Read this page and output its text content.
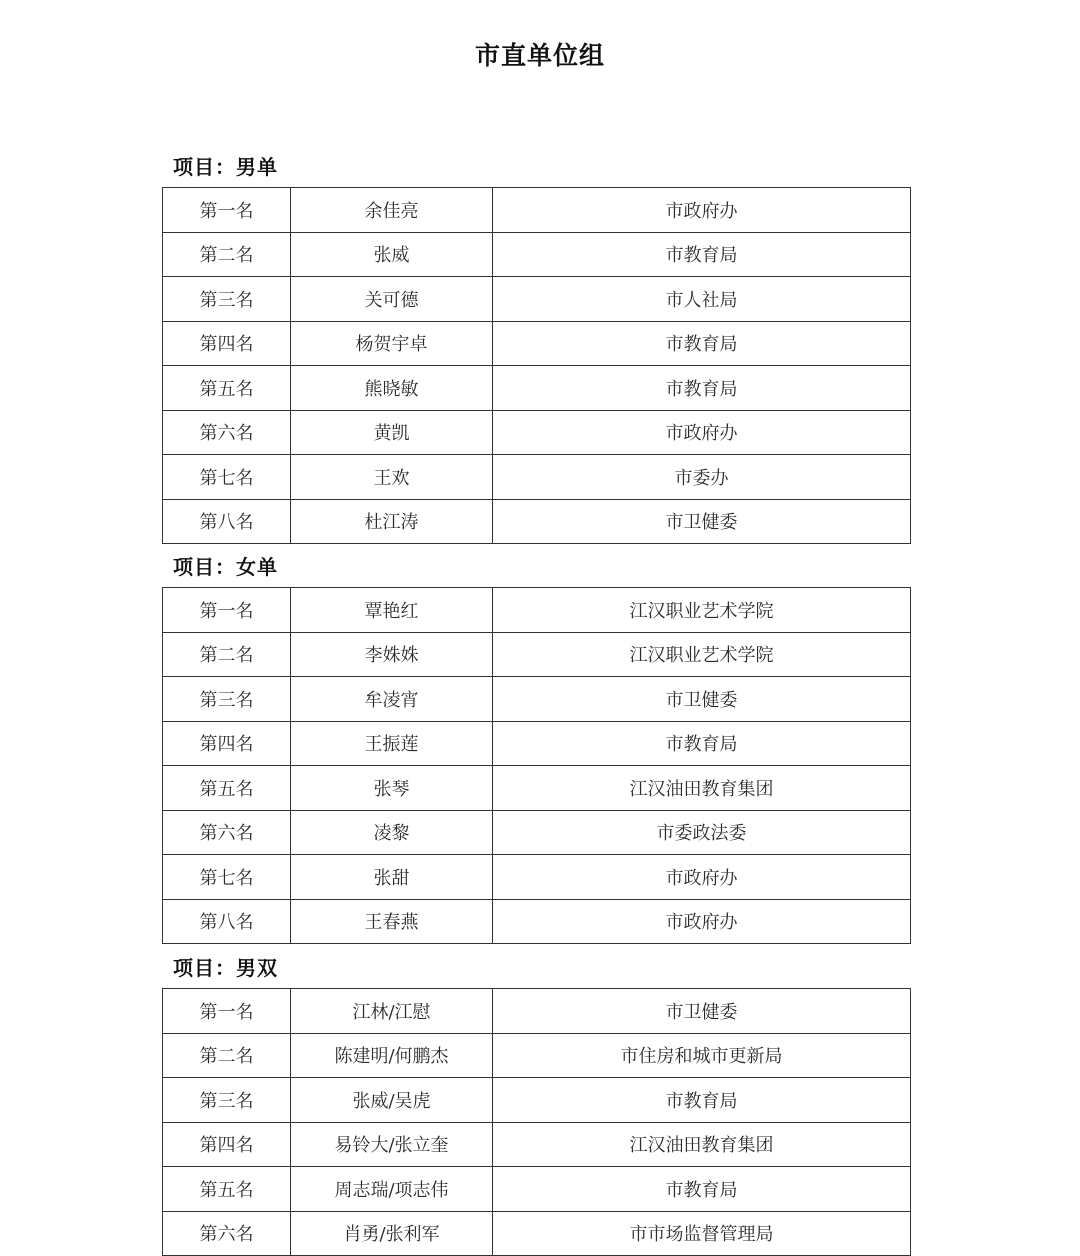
市直单位组
项目：男单
第一名	余佳亮	市政府办
第二名	张威	市教育局
第三名	关可德	市人社局
第四名	杨贺宇卓	市教育局
第五名	熊晓敏	市教育局
第六名	黄凯	市政府办
第七名	王欢	市委办
第八名	杜江涛	市卫健委
项目：女单
第一名	覃艳红	江汉职业艺术学院
第二名	李姝姝	江汉职业艺术学院
第三名	牟凌宵	市卫健委
第四名	王振莲	市教育局
第五名	张琴	江汉油田教育集团
第六名	凌黎	市委政法委
第七名	张甜	市政府办
第八名	王春燕	市政府办
项目：男双
第一名	江林/江慰	市卫健委
第二名	陈建明/何鹏杰	市住房和城市更新局
第三名	张威/吴虎	市教育局
第四名	易铃大/张立奎	江汉油田教育集团
第五名	周志瑞/项志伟	市教育局
第六名	肖勇/张利军	市市场监督管理局
